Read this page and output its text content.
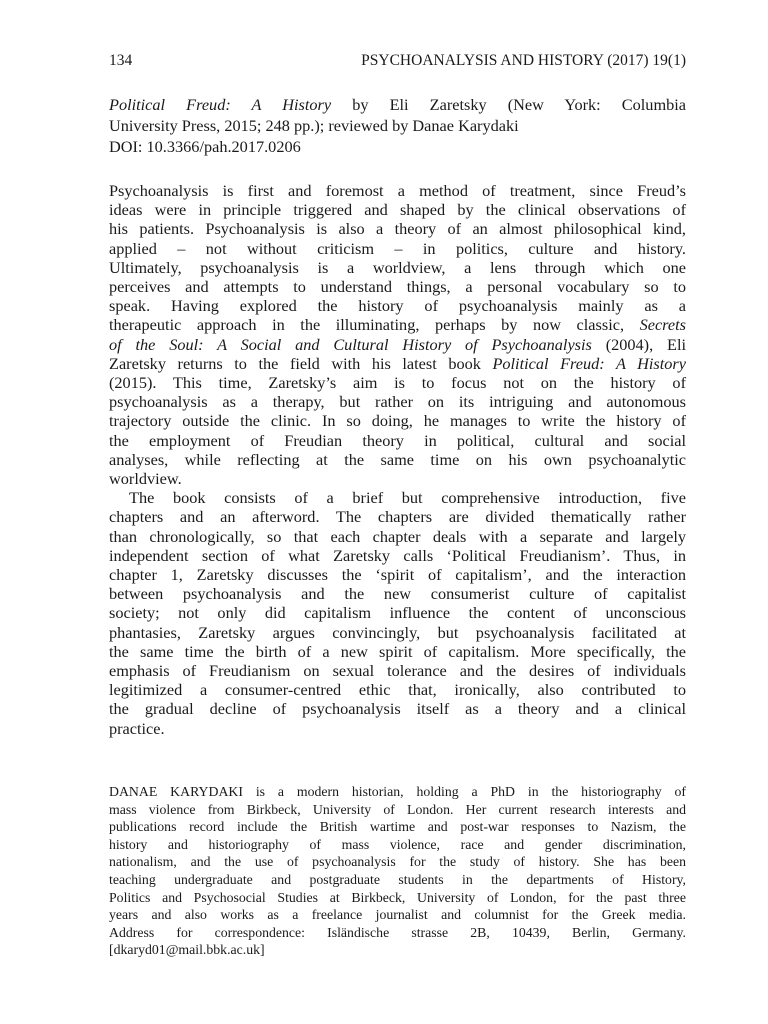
134	PSYCHOANALYSIS AND HISTORY (2017) 19(1)
Political Freud: A History by Eli Zaretsky (New York: Columbia
University Press, 2015; 248 pp.); reviewed by Danae Karydaki
DOI: 10.3366/pah.2017.0206
Psychoanalysis is first and foremost a method of treatment, since Freud’s
ideas were in principle triggered and shaped by the clinical observations of
his patients. Psychoanalysis is also a theory of an almost philosophical kind,
applied – not without criticism – in politics, culture and history.
Ultimately, psychoanalysis is a worldview, a lens through which one
perceives and attempts to understand things, a personal vocabulary so to
speak. Having explored the history of psychoanalysis mainly as a
therapeutic approach in the illuminating, perhaps by now classic, Secrets
of the Soul: A Social and Cultural History of Psychoanalysis (2004), Eli
Zaretsky returns to the field with his latest book Political Freud: A History
(2015). This time, Zaretsky’s aim is to focus not on the history of
psychoanalysis as a therapy, but rather on its intriguing and autonomous
trajectory outside the clinic. In so doing, he manages to write the history of
the employment of Freudian theory in political, cultural and social
analyses, while reflecting at the same time on his own psychoanalytic
worldview.
The book consists of a brief but comprehensive introduction, five
chapters and an afterword. The chapters are divided thematically rather
than chronologically, so that each chapter deals with a separate and largely
independent section of what Zaretsky calls ‘Political Freudianism’. Thus, in
chapter 1, Zaretsky discusses the ‘spirit of capitalism’, and the interaction
between psychoanalysis and the new consumerist culture of capitalist
society; not only did capitalism influence the content of unconscious
phantasies, Zaretsky argues convincingly, but psychoanalysis facilitated at
the same time the birth of a new spirit of capitalism. More specifically, the
emphasis of Freudianism on sexual tolerance and the desires of individuals
legitimized a consumer-centred ethic that, ironically, also contributed to
the gradual decline of psychoanalysis itself as a theory and a clinical
practice.
DANAE KARYDAKI is a modern historian, holding a PhD in the historiography of
mass violence from Birkbeck, University of London. Her current research interests and
publications record include the British wartime and post-war responses to Nazism, the
history and historiography of mass violence, race and gender discrimination,
nationalism, and the use of psychoanalysis for the study of history. She has been
teaching undergraduate and postgraduate students in the departments of History,
Politics and Psychosocial Studies at Birkbeck, University of London, for the past three
years and also works as a freelance journalist and columnist for the Greek media.
Address for correspondence: Isländische strasse 2B, 10439, Berlin, Germany.
[dkaryd01@mail.bbk.ac.uk]
